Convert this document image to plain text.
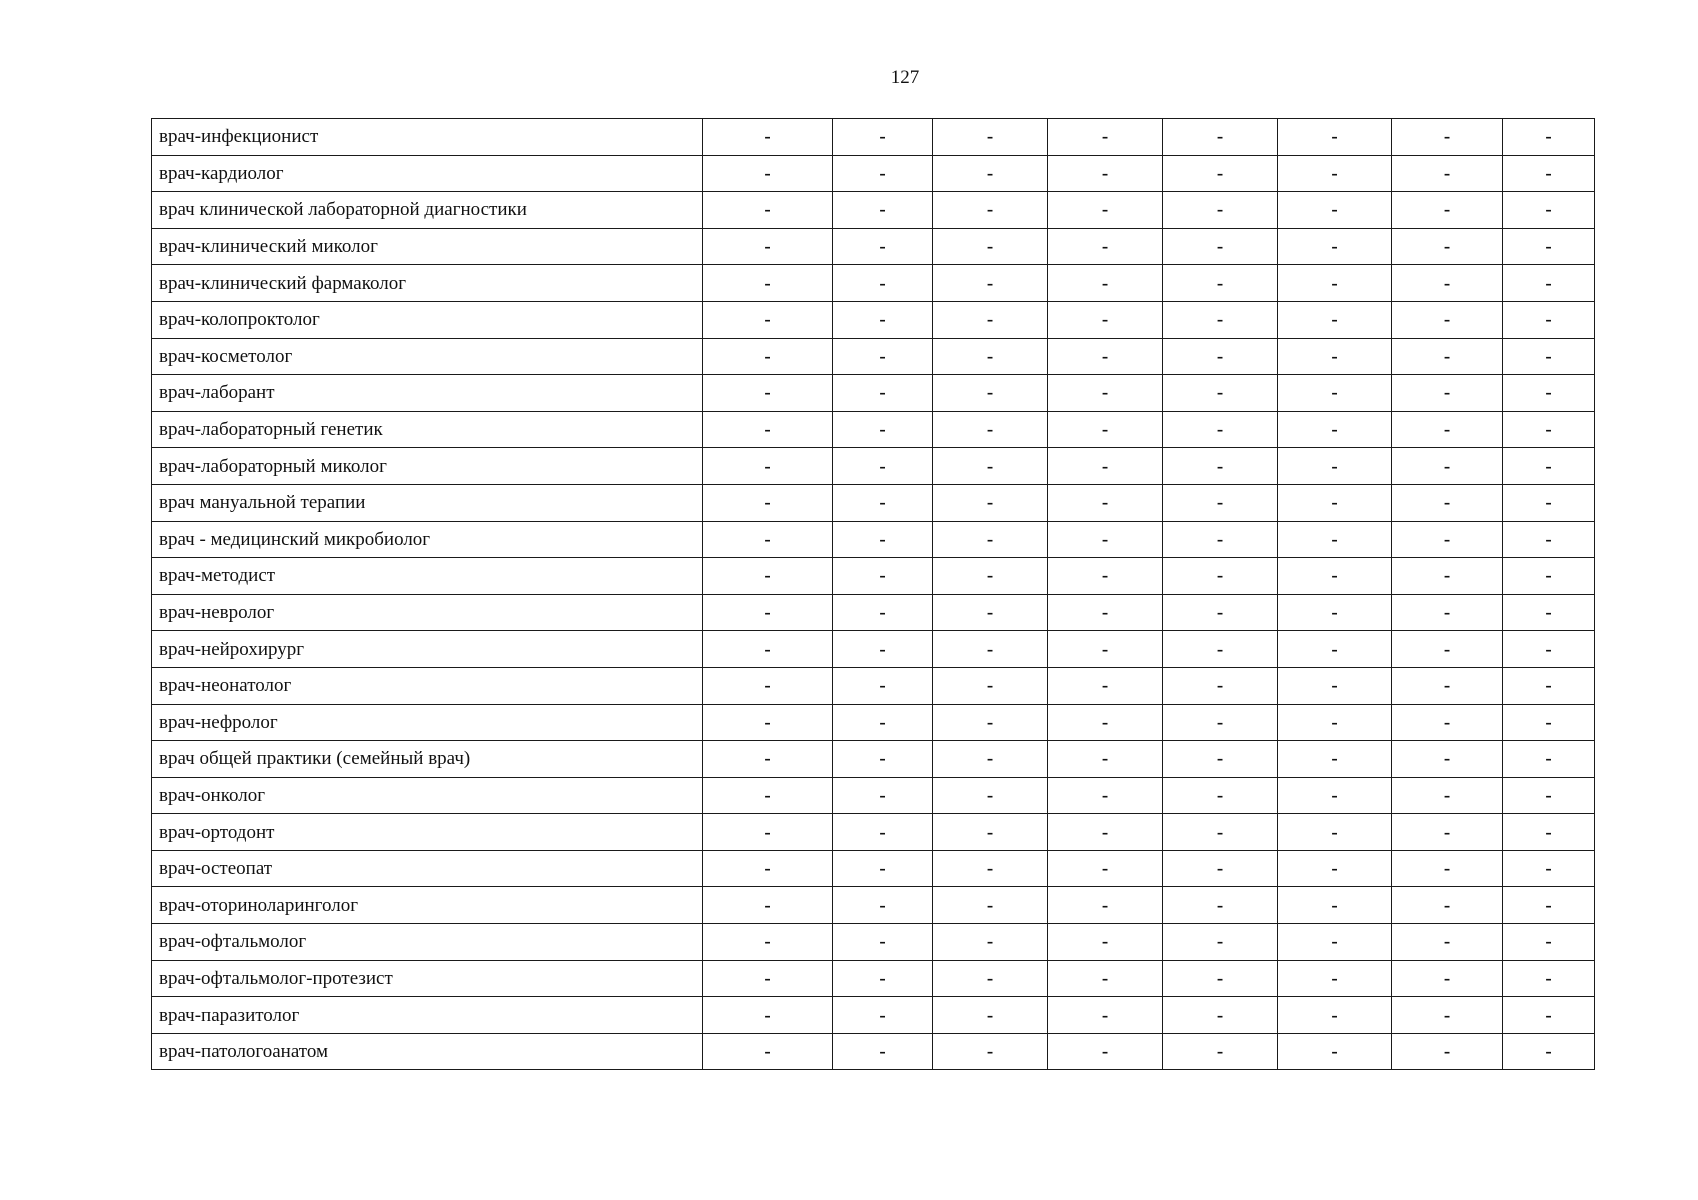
127
врач-инфекционист	-	-	-	-	-	-	-	-
врач-кардиолог	-	-	-	-	-	-	-	-
врач клинической лабораторной диагностики	-	-	-	-	-	-	-	-
врач-клинический миколог	-	-	-	-	-	-	-	-
врач-клинический фармаколог	-	-	-	-	-	-	-	-
врач-колопроктолог	-	-	-	-	-	-	-	-
врач-косметолог	-	-	-	-	-	-	-	-
врач-лаборант	-	-	-	-	-	-	-	-
врач-лабораторный генетик	-	-	-	-	-	-	-	-
врач-лабораторный миколог	-	-	-	-	-	-	-	-
врач мануальной терапии	-	-	-	-	-	-	-	-
врач - медицинский микробиолог	-	-	-	-	-	-	-	-
врач-методист	-	-	-	-	-	-	-	-
врач-невролог	-	-	-	-	-	-	-	-
врач-нейрохирург	-	-	-	-	-	-	-	-
врач-неонатолог	-	-	-	-	-	-	-	-
врач-нефролог	-	-	-	-	-	-	-	-
врач общей практики (семейный врач)	-	-	-	-	-	-	-	-
врач-онколог	-	-	-	-	-	-	-	-
врач-ортодонт	-	-	-	-	-	-	-	-
врач-остеопат	-	-	-	-	-	-	-	-
врач-оториноларинголог	-	-	-	-	-	-	-	-
врач-офтальмолог	-	-	-	-	-	-	-	-
врач-офтальмолог-протезист	-	-	-	-	-	-	-	-
врач-паразитолог	-	-	-	-	-	-	-	-
врач-патологоанатом	-	-	-	-	-	-	-	-
